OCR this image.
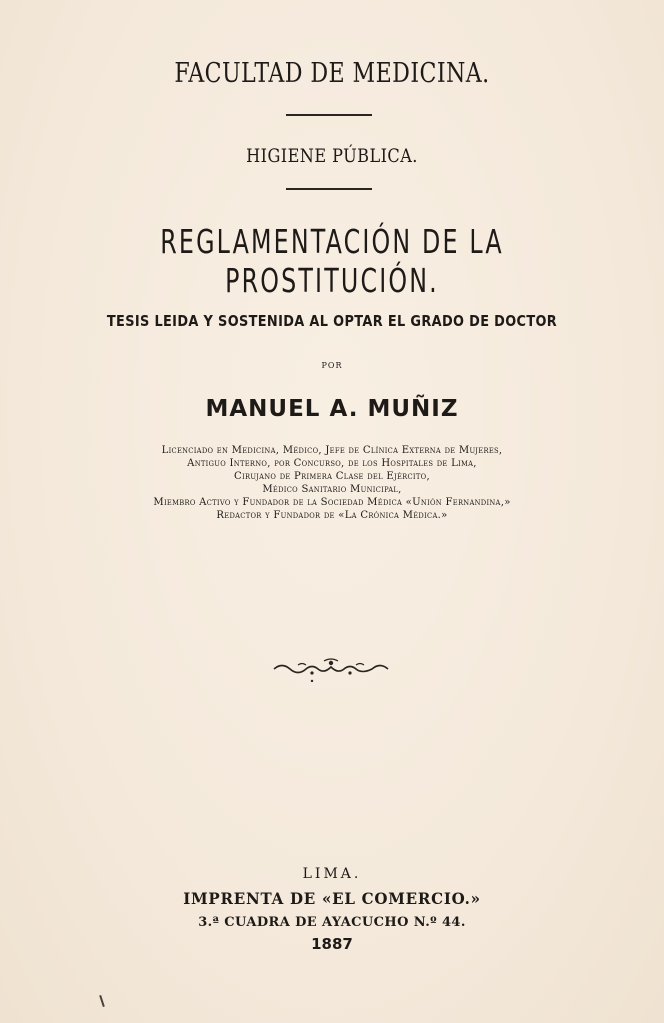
FACULTAD DE MEDICINA.
HIGIENE PÚBLICA.
REGLAMENTACIÓN DE LA PROSTITUCIÓN.
TESIS LEIDA Y SOSTENIDA AL OPTAR EL GRADO DE DOCTOR
POR
MANUEL A. MUÑIZ
Licenciado en Medicina, Médico, Jefe de Clínica Externa de Mujeres,
Antiguo Interno, por Concurso, de los Hospitales de Lima,
Cirujano de Primera Clase del Ejército,
Médico Sanitario Municipal,
Miembro Activo y Fundador de la Sociedad Médica «Unión Fernandina,»
Redactor y Fundador de «La Crónica Médica.»
LIMA.
IMPRENTA DE «EL COMERCIO.»
3.ª CUADRA DE AYACUCHO N.º 44.
1887
